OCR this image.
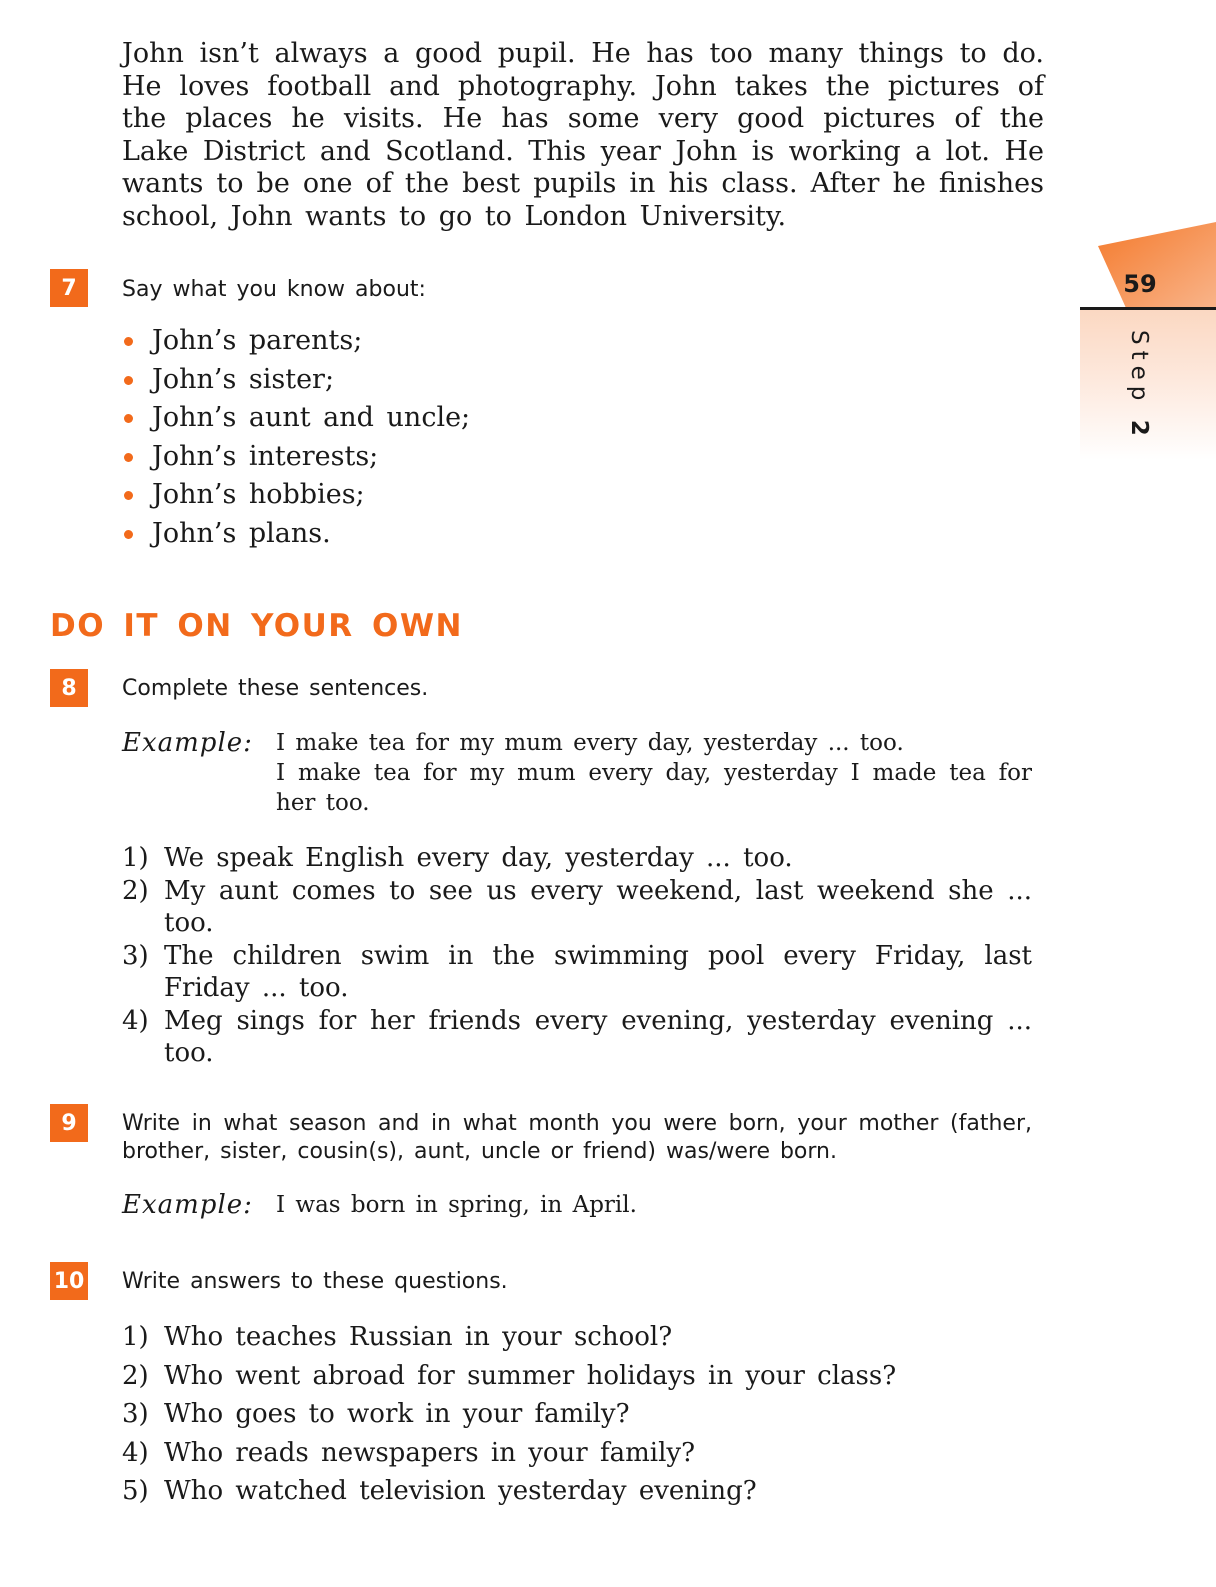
John isn’t always a good pupil. He has too many things to do. He loves football and photography. John takes the pictures of the places he visits. He has some very good pictures of the Lake District and Scotland. This year John is working a lot. He wants to be one of the best pupils in his class. After he finishes school, John wants to go to London University.

59
Step 2
7	Say what you know about:

John’s parents;
John’s sister;
John’s aunt and uncle;
John’s interests;
John’s hobbies;
John’s plans.
DO IT ON YOUR OWN
8	Complete these sentences.

Example:	I make tea for my mum every day, yesterday ... too.
I make tea for my mum every day, yesterday I made tea for her too.
1) We speak English every day, yesterday ... too.
2) My aunt comes to see us every weekend, last weekend she ... too.
3) The children swim in the swimming pool every Friday, last Friday ... too.
4) Meg sings for her friends every evening, yesterday evening ... too.
9	Write in what season and in what month you were born, your mother (father, brother, sister, cousin(s), aunt, uncle or friend) was/were born.

Example:	I was born in spring, in April.
10 Write answers to these questions.

1) Who teaches Russian in your school?
2) Who went abroad for summer holidays in your class?
3) Who goes to work in your family?
4) Who reads newspapers in your family?
5) Who watched television yesterday evening?
